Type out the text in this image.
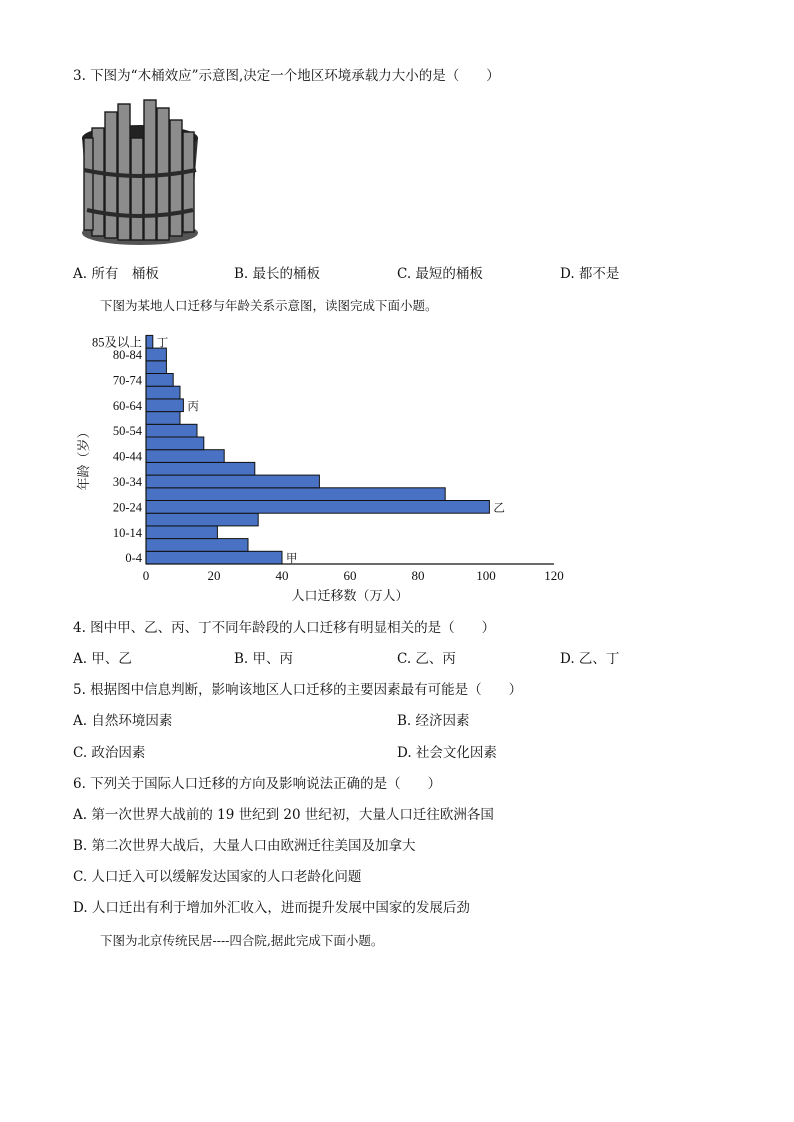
3. 下图为“木桶效应”示意图,决定一个地区环境承载力大小的是（　　）
A. 所有　桶板	B. 最长的桶板	C. 最短的桶板	D. 都不是
下图为某地人口迁移与年龄关系示意图，读图完成下面小题。
0	20	40	60	80	100	120
0-4
10-14
20-24
30-34
40-44
50-54
60-64
70-74
80-84
85及以上
甲
乙
丙
丁
人口迁移数（万人）
年龄（岁）
4. 图中甲、乙、丙、丁不同年龄段的人口迁移有明显相关的是（　　）
A. 甲、乙	B. 甲、丙	C. 乙、丙	D. 乙、丁
5. 根据图中信息判断，影响该地区人口迁移的主要因素最有可能是（　　）
A. 自然环境因素	B. 经济因素
C. 政治因素	D. 社会文化因素
6. 下列关于国际人口迁移的方向及影响说法正确的是（　　）
A. 第一次世界大战前的 19 世纪到 20 世纪初，大量人口迁往欧洲各国
B. 第二次世界大战后，大量人口由欧洲迁往美国及加拿大
C. 人口迁入可以缓解发达国家的人口老龄化问题
D. 人口迁出有利于增加外汇收入，进而提升发展中国家的发展后劲
下图为北京传统民居----四合院,据此完成下面小题。
